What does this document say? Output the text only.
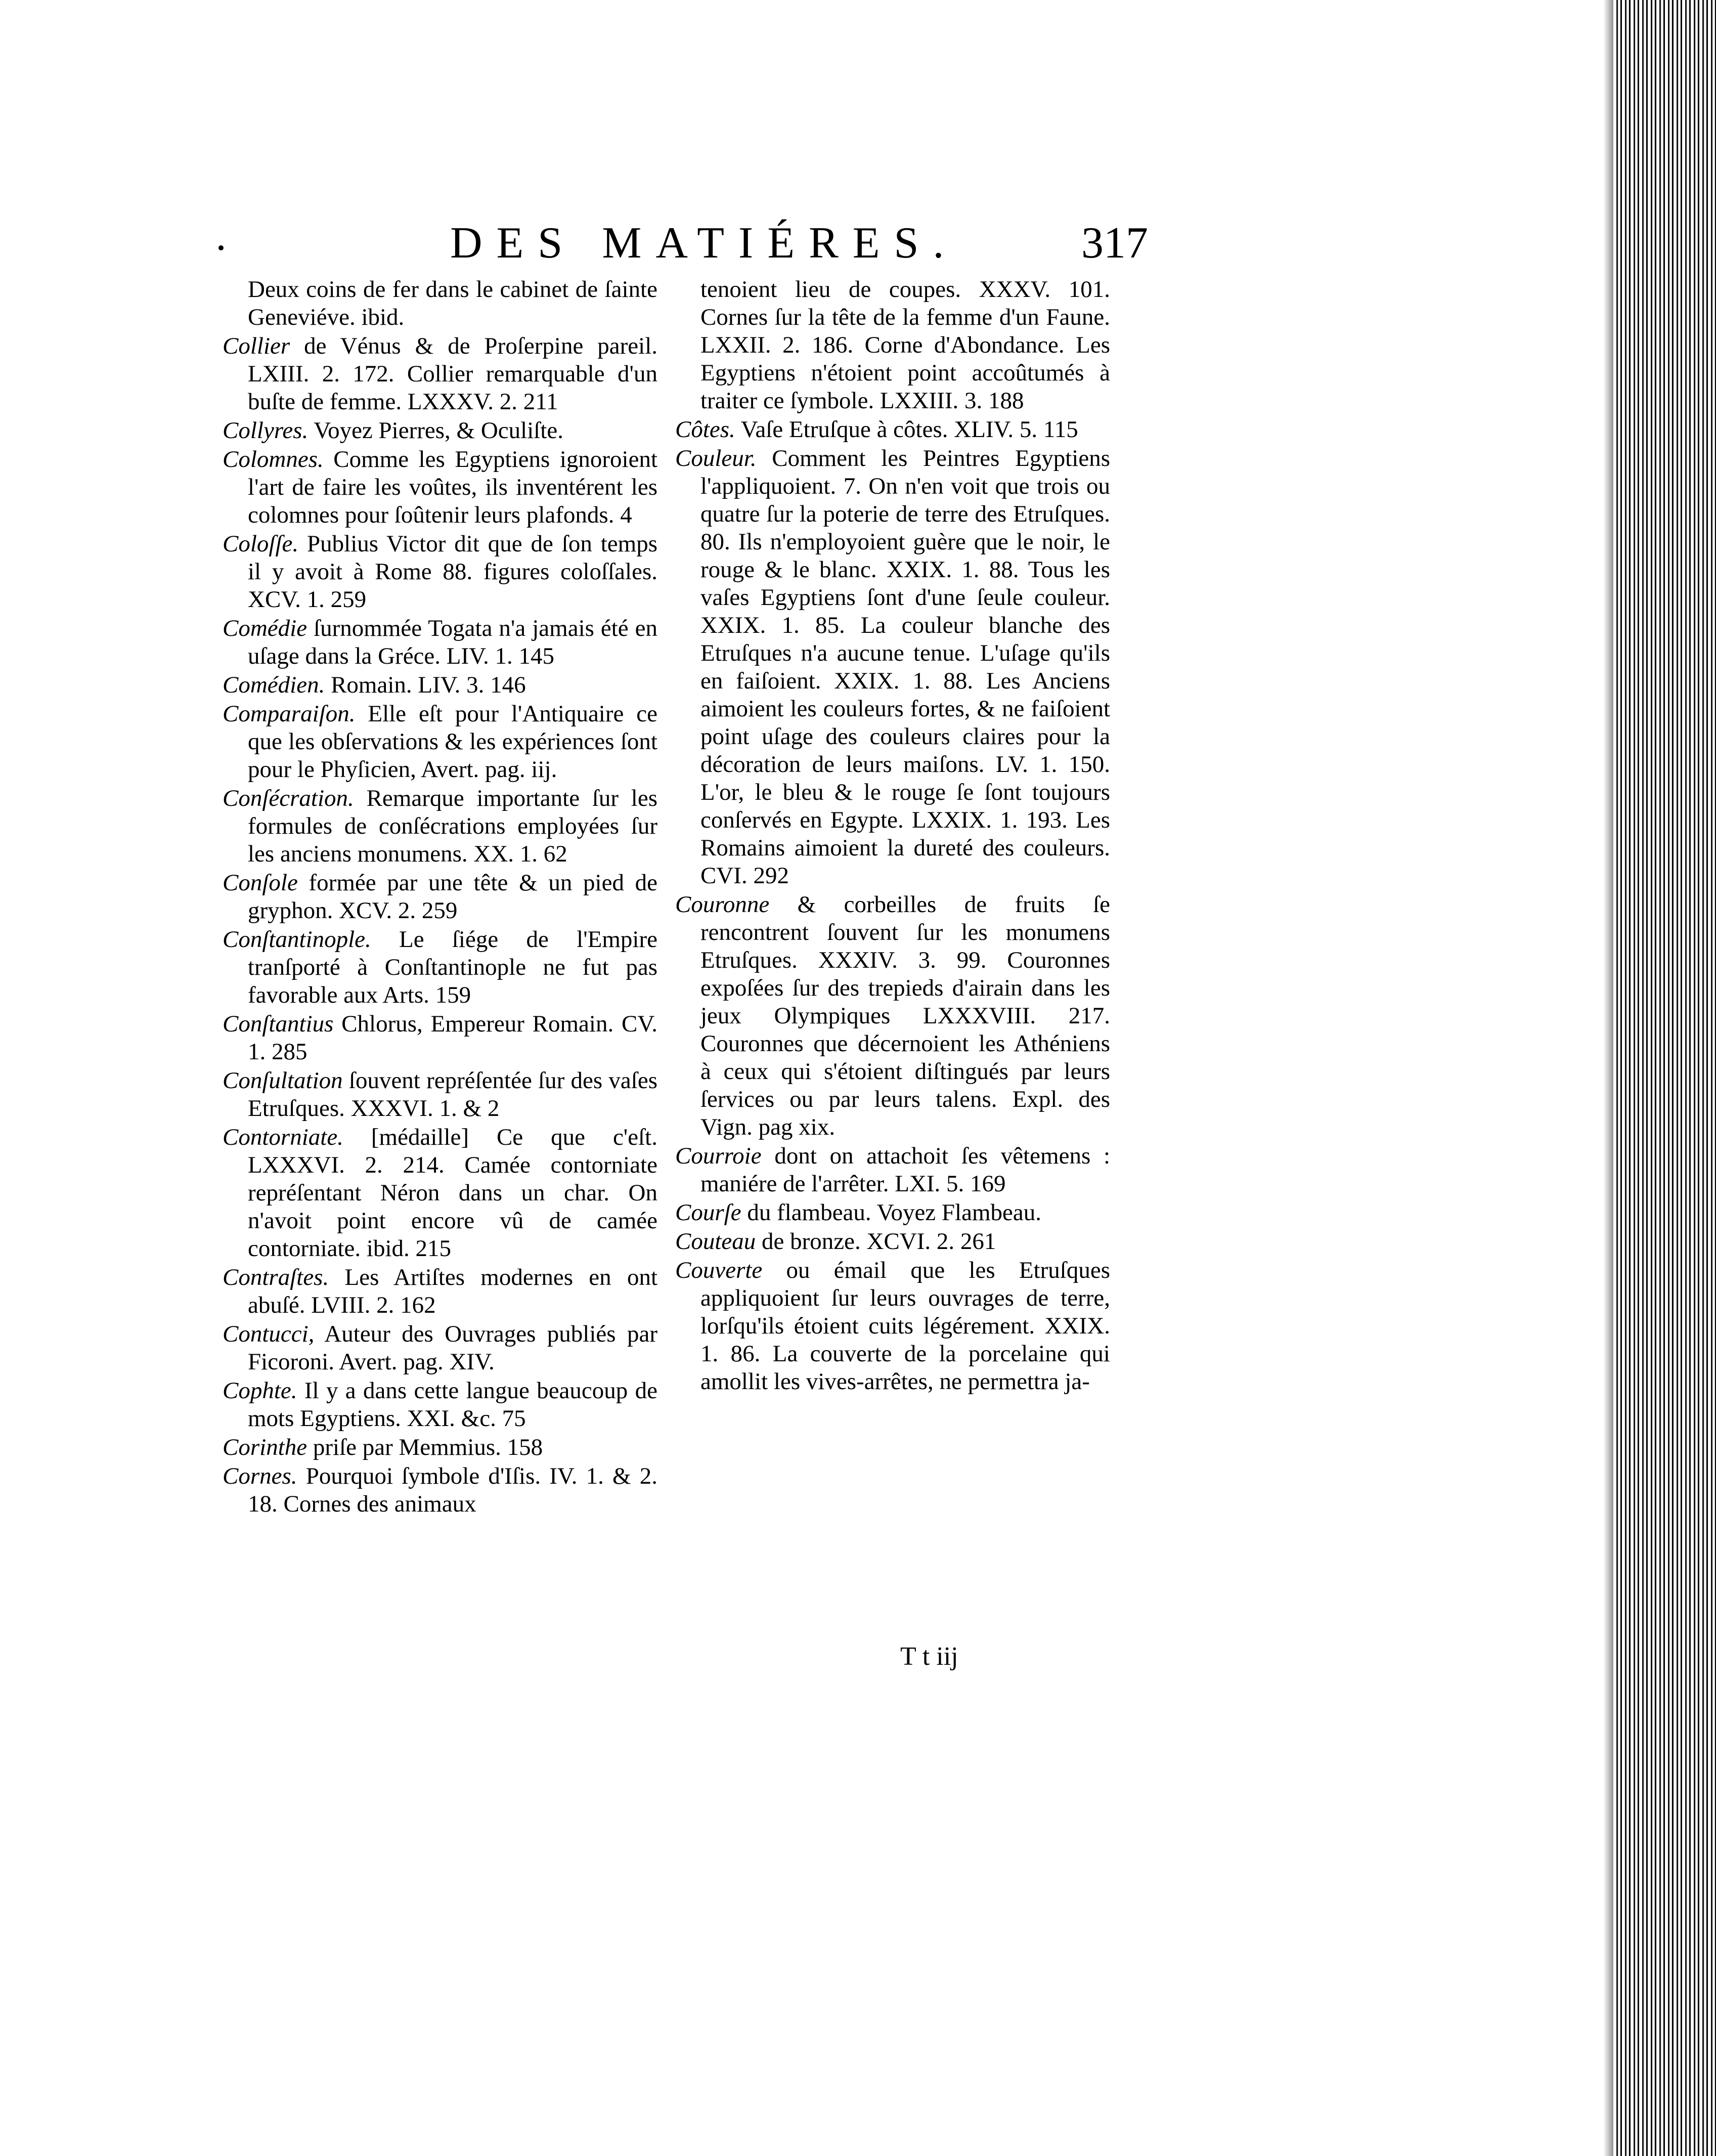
DES MATIÉRES.	317

Deux coins de fer dans le cabinet de ſainte Geneviéve. ibid.

Collier de Vénus & de Proſerpine pareil. LXIII. 2. 172. Collier remarquable d'un buſte de femme. LXXXV. 2. 211

Collyres. Voyez Pierres, & Oculiſte.

Colomnes. Comme les Egyptiens ignoroient l'art de faire les voûtes, ils inventérent les colomnes pour ſoûtenir leurs plafonds. 4

Coloſſe. Publius Victor dit que de ſon temps il y avoit à Rome 88. figures coloſſales. XCV. 1. 259

Comédie ſurnommée Togata n'a jamais été en uſage dans la Gréce. LIV. 1. 145

Comédien. Romain. LIV. 3. 146

Comparaiſon. Elle eſt pour l'Antiquaire ce que les obſervations & les expériences ſont pour le Phyſicien, Avert. pag. iij.

Conſécration. Remarque importante ſur les formules de conſécrations employées ſur les anciens monumens. XX. 1. 62

Conſole formée par une tête & un pied de gryphon. XCV. 2. 259

Conſtantinople. Le ſiége de l'Empire tranſporté à Conſtantinople ne fut pas favorable aux Arts. 159

Conſtantius Chlorus, Empereur Romain. CV. 1. 285

Conſultation ſouvent repréſentée ſur des vaſes Etruſques. XXXVI. 1. & 2

Contorniate. [médaille] Ce que c'eſt. LXXXVI. 2. 214. Camée contorniate repréſentant Néron dans un char. On n'avoit point encore vû de camée contorniate. ibid. 215

Contraſtes. Les Artiſtes modernes en ont abuſé. LVIII. 2. 162

Contucci, Auteur des Ouvrages publiés par Ficoroni. Avert. pag. XIV.

Cophte. Il y a dans cette langue beaucoup de mots Egyptiens. XXI. &c. 75

Corinthe priſe par Memmius. 158

Cornes. Pourquoi ſymbole d'Iſis. IV. 1. & 2. 18. Cornes des animaux

tenoient lieu de coupes. XXXV. 101. Cornes ſur la tête de la femme d'un Faune. LXXII. 2. 186. Corne d'Abondance. Les Egyptiens n'étoient point accoûtumés à traiter ce ſymbole. LXXIII. 3. 188

Côtes. Vaſe Etruſque à côtes. XLIV. 5. 115

Couleur. Comment les Peintres Egyptiens l'appliquoient. 7. On n'en voit que trois ou quatre ſur la poterie de terre des Etruſques. 80. Ils n'employoient guère que le noir, le rouge & le blanc. XXIX. 1. 88. Tous les vaſes Egyptiens ſont d'une ſeule couleur. XXIX. 1. 85. La couleur blanche des Etruſques n'a aucune tenue. L'uſage qu'ils en faiſoient. XXIX. 1. 88. Les Anciens aimoient les couleurs fortes, & ne faiſoient point uſage des couleurs claires pour la décoration de leurs maiſons. LV. 1. 150. L'or, le bleu & le rouge ſe ſont toujours conſervés en Egypte. LXXIX. 1. 193. Les Romains aimoient la dureté des couleurs. CVI. 292

Couronne & corbeilles de fruits ſe rencontrent ſouvent ſur les monumens Etruſques. XXXIV. 3. 99. Couronnes expoſées ſur des trepieds d'airain dans les jeux Olympiques LXXXVIII. 217. Couronnes que décernoient les Athéniens à ceux qui s'étoient diſtingués par leurs ſervices ou par leurs talens. Expl. des Vign. pag xix.

Courroie dont on attachoit ſes vêtemens : maniére de l'arrêter. LXI. 5. 169

Courſe du flambeau. Voyez Flambeau.

Couteau de bronze. XCVI. 2. 261

Couverte ou émail que les Etruſques appliquoient ſur leurs ouvrages de terre, lorſqu'ils étoient cuits légérement. XXIX. 1. 86. La couverte de la porcelaine qui amollit les vives-arrêtes, ne permettra ja-

T t iij
